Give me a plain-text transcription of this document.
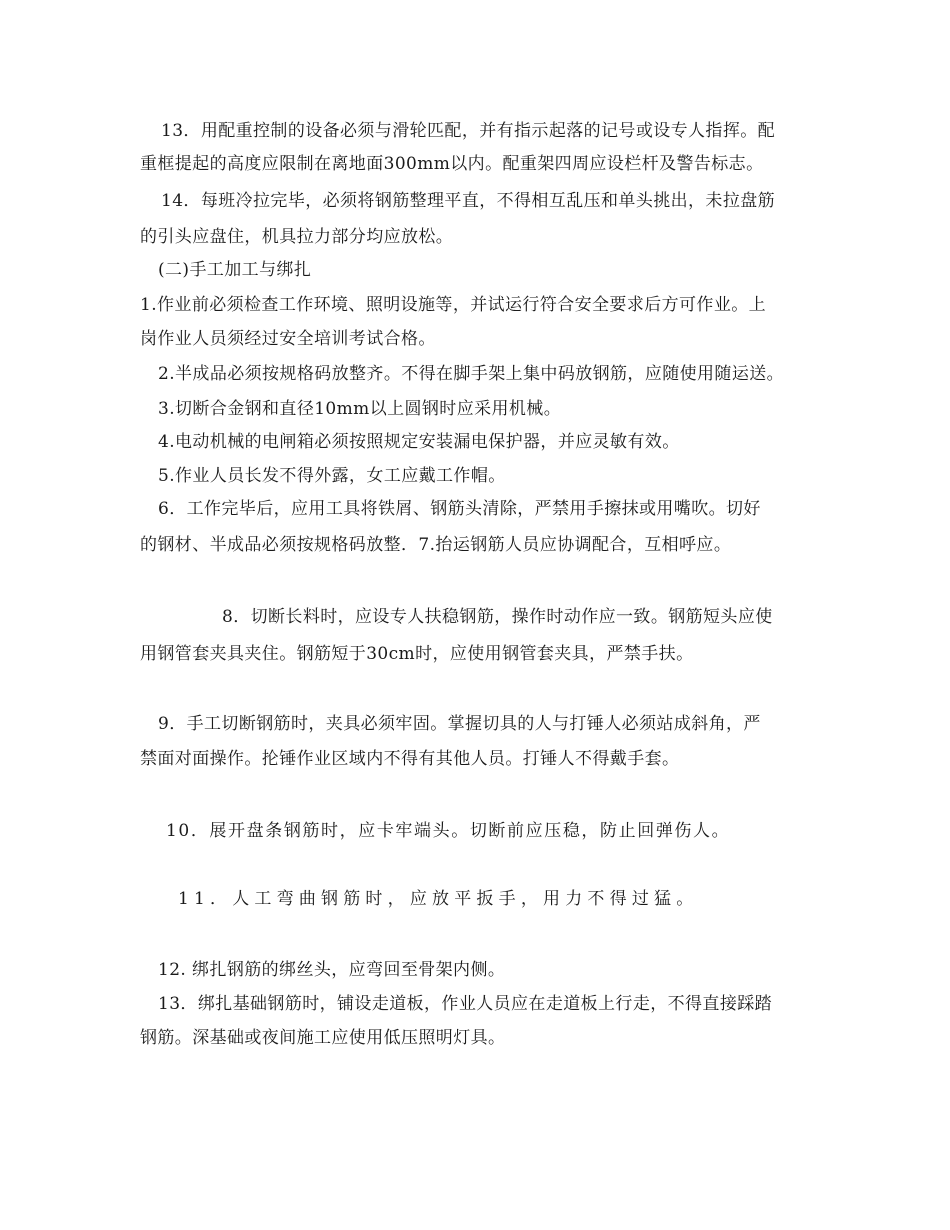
13．用配重控制的设备必须与滑轮匹配，并有指示起落的记号或设专人指挥。配
重框提起的高度应限制在离地面300mm以内。配重架四周应设栏杆及警告标志。
14．每班冷拉完毕，必须将钢筋整理平直，不得相互乱压和单头挑出，未拉盘筋
的引头应盘住，机具拉力部分均应放松。
(二)手工加工与绑扎
1.作业前必须检查工作环境、照明设施等，并试运行符合安全要求后方可作业。上
岗作业人员须经过安全培训考试合格。
2.半成品必须按规格码放整齐。不得在脚手架上集中码放钢筋，应随使用随运送。
3.切断合金钢和直径10mm以上圆钢时应采用机械。
4.电动机械的电闸箱必须按照规定安装漏电保护器，并应灵敏有效。
5.作业人员长发不得外露，女工应戴工作帽。
6．工作完毕后，应用工具将铁屑、钢筋头清除，严禁用手擦抹或用嘴吹。切好
的钢材、半成品必须按规格码放整．7.抬运钢筋人员应协调配合，互相呼应。
8．切断长料时，应设专人扶稳钢筋，操作时动作应一致。钢筋短头应使
用钢管套夹具夹住。钢筋短于30cm时，应使用钢管套夹具，严禁手扶。
9．手工切断钢筋时，夹具必须牢固。掌握切具的人与打锤人必须站成斜角，严
禁面对面操作。抡锤作业区域内不得有其他人员。打锤人不得戴手套。
10．展开盘条钢筋时，应卡牢端头。切断前应压稳，防止回弹伤人。
11．人工弯曲钢筋时，应放平扳手，用力不得过猛。
12. 绑扎钢筋的绑丝头，应弯回至骨架内侧。
13．绑扎基础钢筋时，铺设走道板，作业人员应在走道板上行走，不得直接踩踏
钢筋。深基础或夜间施工应使用低压照明灯具。
